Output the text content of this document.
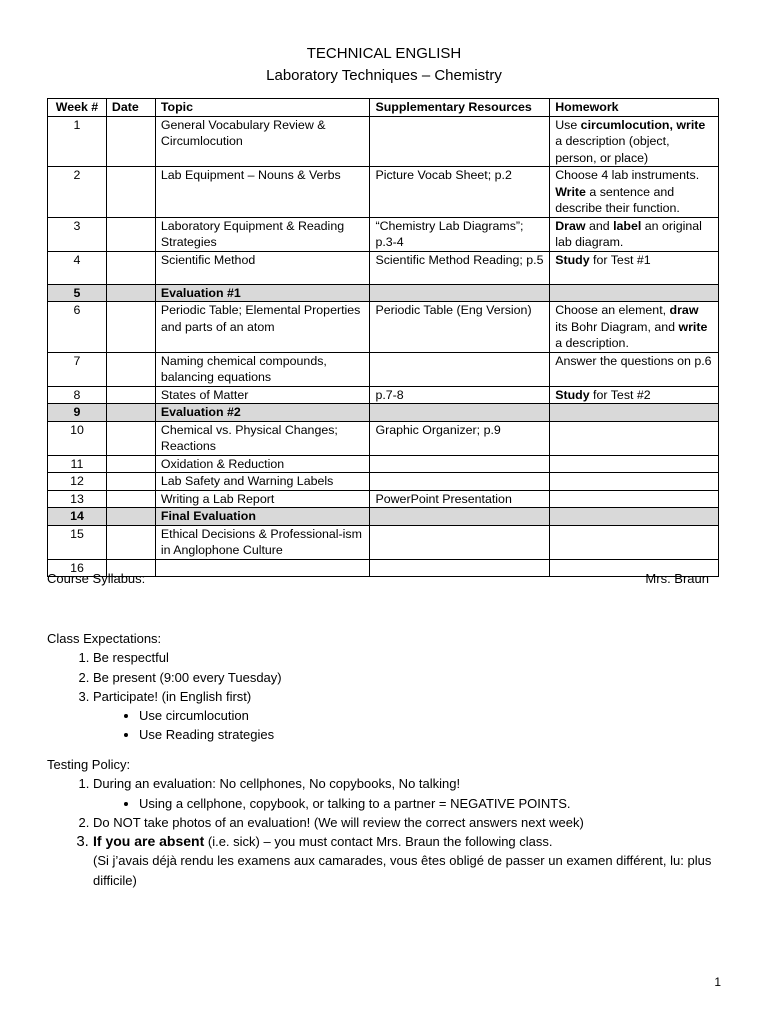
TECHNICAL ENGLISH
Laboratory Techniques – Chemistry
Week #	Date	Topic	Supplementary Resources	Homework
1		General Vocabulary Review & Circumlocution		Use circumlocution, write a description (object, person, or place)
2		Lab Equipment – Nouns & Verbs	Picture Vocab Sheet; p.2	Choose 4 lab instruments. Write a sentence and describe their function.
3		Laboratory Equipment & Reading Strategies	“Chemistry Lab Diagrams”; p.3-4	Draw and label an original lab diagram.
4		Scientific Method	Scientific Method Reading; p.5	Study for Test #1
5		Evaluation #1		
6		Periodic Table; Elemental Properties and parts of an atom	Periodic Table (Eng Version)	Choose an element, draw its Bohr Diagram, and write a description.
7		Naming chemical compounds, balancing equations		Answer the questions on p.6
8		States of Matter	p.7-8	Study for Test #2
9		Evaluation #2		
10		Chemical vs. Physical Changes; Reactions	Graphic Organizer; p.9	
11		Oxidation & Reduction		
12		Lab Safety and Warning Labels		
13		Writing a Lab Report	PowerPoint Presentation	
14		Final Evaluation		
15		Ethical Decisions & Professional-ism in Anglophone Culture		
16				
Course Syllabus:	Mrs. Braun
Class Expectations:
1. Be respectful
2. Be present (9:00 every Tuesday)
3. Participate! (in English first)
• Use circumlocution
• Use Reading strategies
Testing Policy:
1. During an evaluation: No cellphones, No copybooks, No talking!
• Using a cellphone, copybook, or talking to a partner = NEGATIVE POINTS.
2. Do NOT take photos of an evaluation! (We will review the correct answers next week)
3. If you are absent (i.e. sick) – you must contact Mrs. Braun the following class.
(Si j’avais déjà rendu les examens aux camarades, vous êtes obligé de passer un examen différent, lu: plus difficile)
1
